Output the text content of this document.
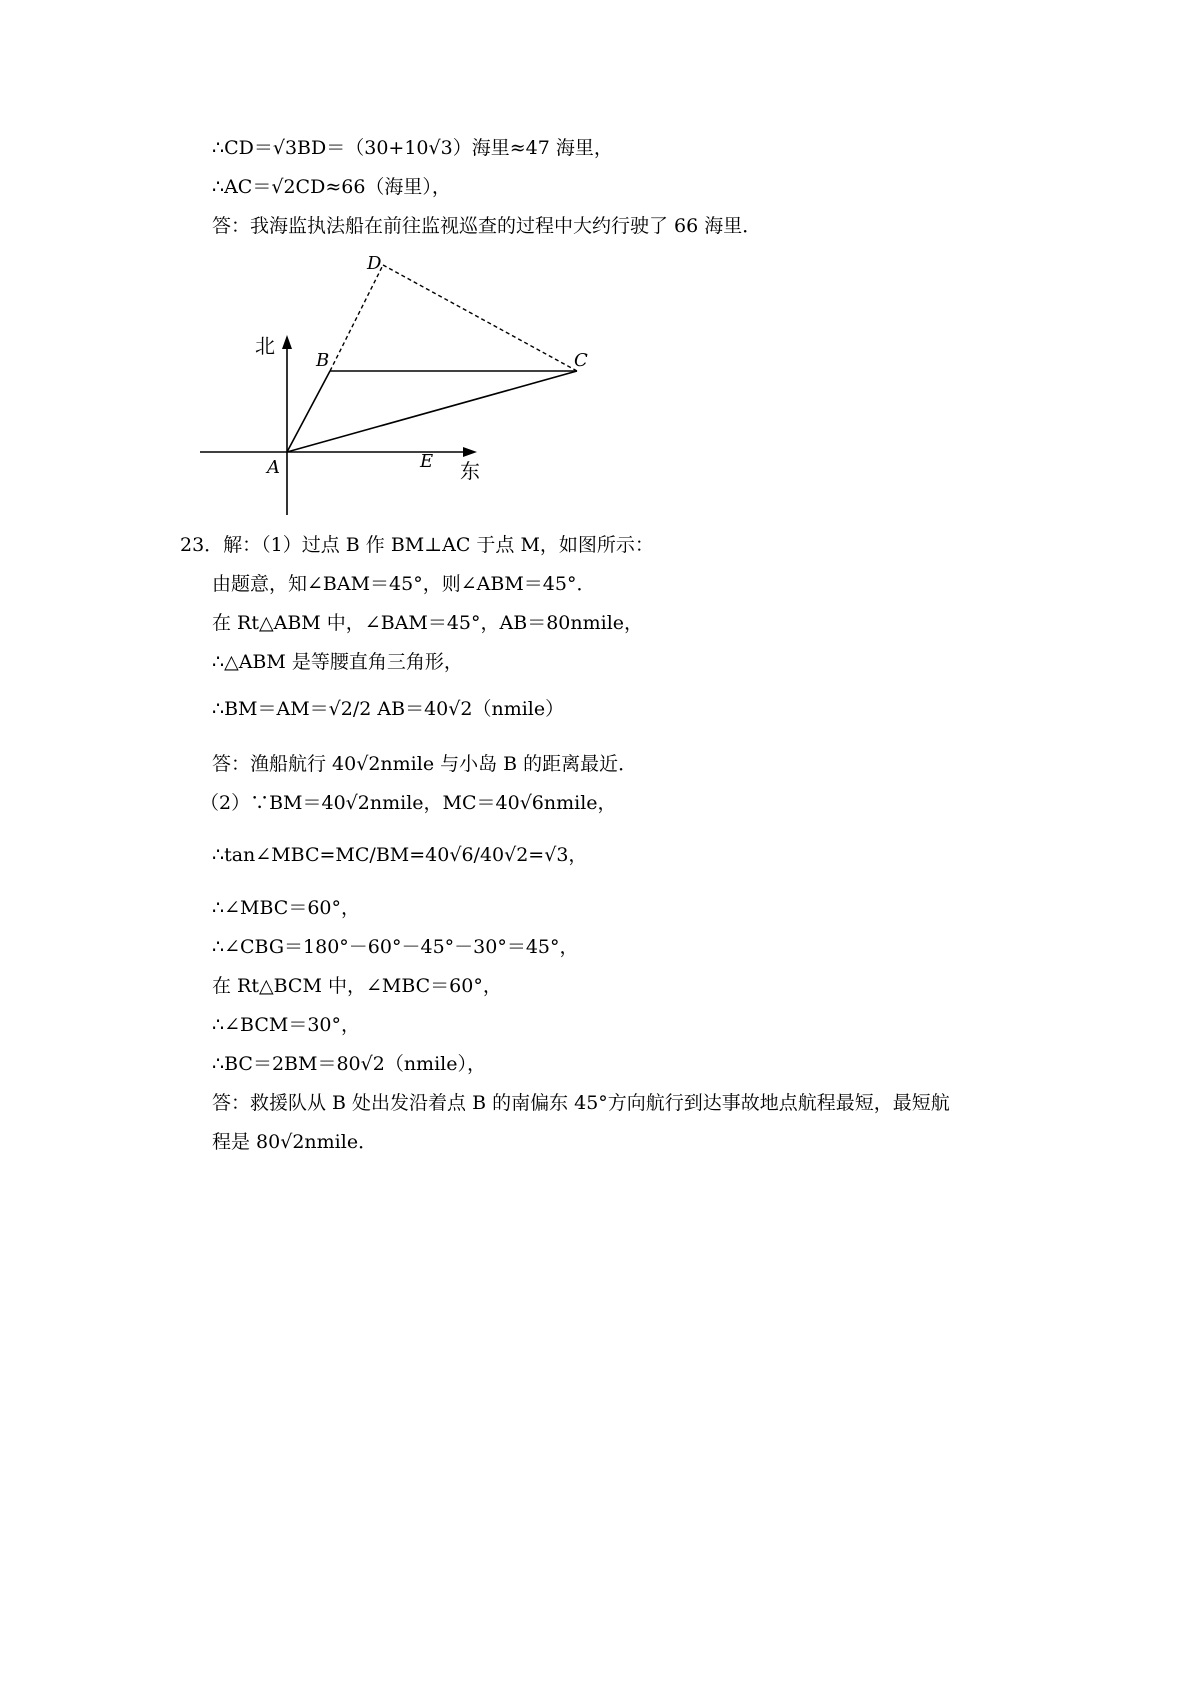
∴CD＝√3BD＝（30+10√3）海里≈47 海里，
∴AC＝√2CD≈66（海里），
答：我海监执法船在前往监视巡查的过程中大约行驶了 66 海里．
北
东
A
B	C
D
E
23．解：（1）过点 B 作 BM⊥AC 于点 M，如图所示：
由题意，知∠BAM＝45°，则∠ABM＝45°．
在 Rt△ABM 中，∠BAM＝45°，AB＝80nmile，
∴△ABM 是等腰直角三角形，
∴BM＝AM＝√2/2 AB＝40√2（nmile）
答：渔船航行 40√2nmile 与小岛 B 的距离最近．
（2）∵BM＝40√2nmile，MC＝40√6nmile，
∴tan∠MBC=MC/BM=40√6/40√2=√3，
∴∠MBC＝60°，
∴∠CBG＝180°－60°－45°－30°＝45°，
在 Rt△BCM 中，∠MBC＝60°，
∴∠BCM＝30°，
∴BC＝2BM＝80√2（nmile），
答：救援队从 B 处出发沿着点 B 的南偏东 45°方向航行到达事故地点航程最短，最短航
程是 80√2nmile．
